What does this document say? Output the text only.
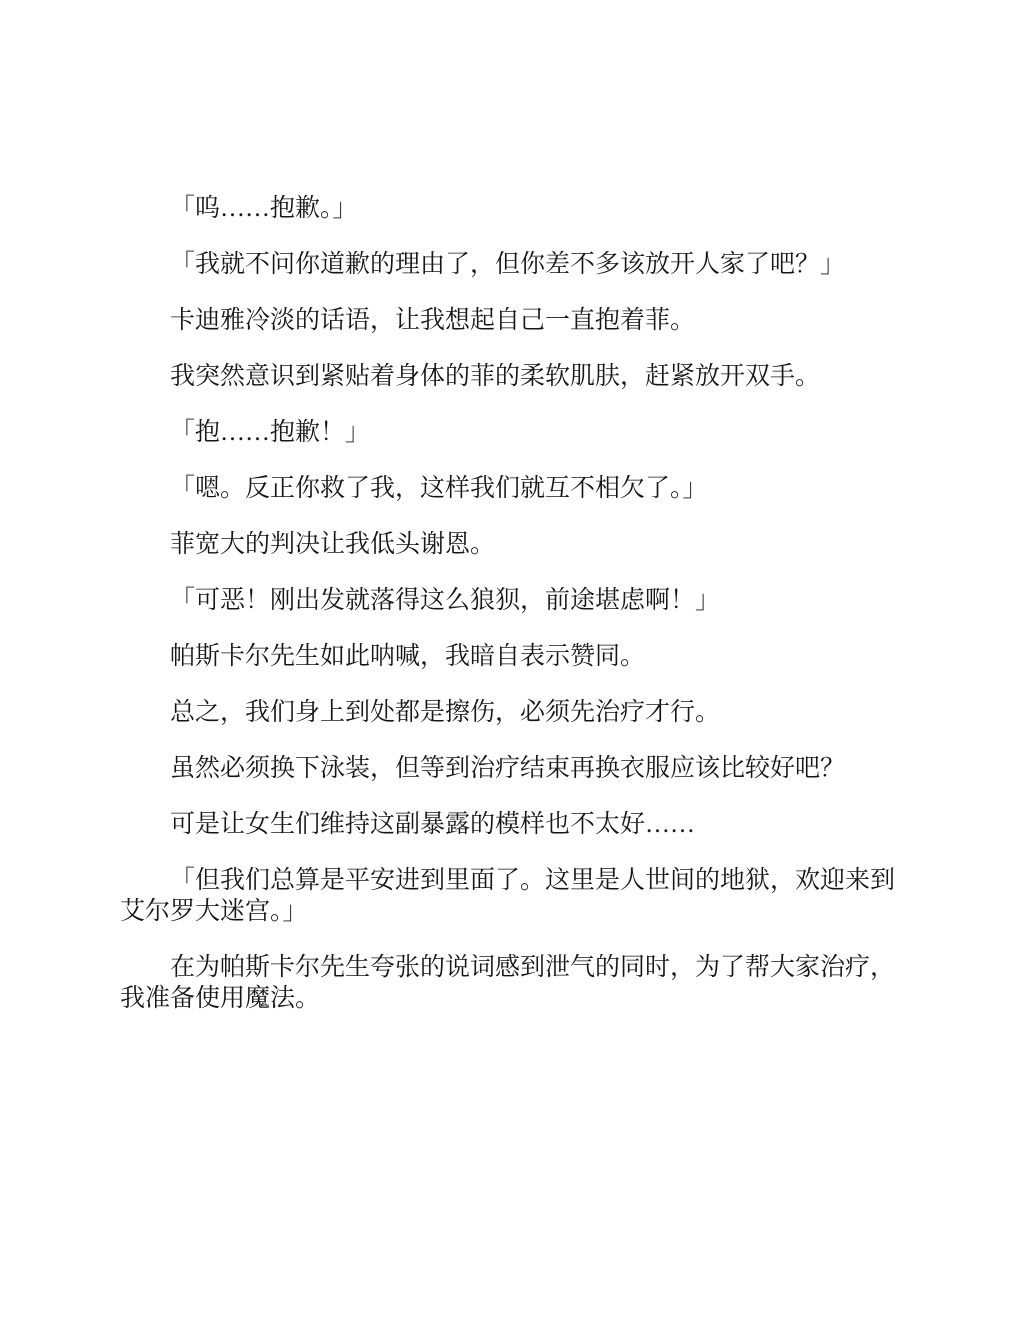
「呜……抱歉。」

「我就不问你道歉的理由了，但你差不多该放开人家了吧？」

卡迪雅冷淡的话语，让我想起自己一直抱着菲。

我突然意识到紧贴着身体的菲的柔软肌肤，赶紧放开双手。

「抱……抱歉！」

「嗯。反正你救了我，这样我们就互不相欠了。」

菲宽大的判决让我低头谢恩。

「可恶！刚出发就落得这么狼狈，前途堪虑啊！」

帕斯卡尔先生如此呐喊，我暗自表示赞同。

总之，我们身上到处都是擦伤，必须先治疗才行。

虽然必须换下泳装，但等到治疗结束再换衣服应该比较好吧？

可是让女生们维持这副暴露的模样也不太好……

「但我们总算是平安进到里面了。这里是人世间的地狱，欢迎来到艾尔罗大迷宫。」

在为帕斯卡尔先生夸张的说词感到泄气的同时，为了帮大家治疗，我准备使用魔法。
